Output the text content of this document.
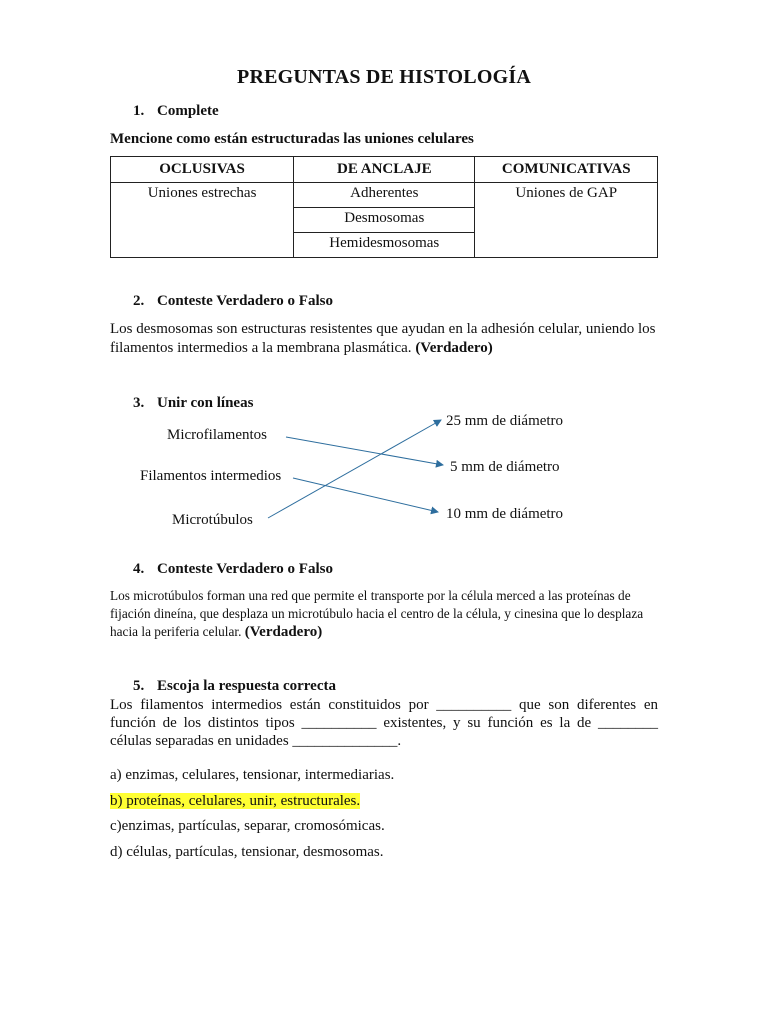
PREGUNTAS DE HISTOLOGÍA
1. Complete
Mencione como están estructuradas las uniones celulares
OCLUSIVAS	DE ANCLAJE	COMUNICATIVAS
Uniones estrechas	Adherentes	Uniones de GAP
	Desmosomas	
	Hemidesmosomas	
2. Conteste Verdadero o Falso
Los desmosomas son estructuras resistentes que ayudan en la adhesión celular, uniendo los filamentos intermedios a la membrana plasmática. (Verdadero)
3. Unir con líneas
Microfilamentos
Filamentos intermedios
Microtúbulos
25 mm de diámetro
5 mm de diámetro
10 mm de diámetro
4. Conteste Verdadero o Falso
Los microtúbulos forman una red que permite el transporte por la célula merced a las proteínas de fijación dineína, que desplaza un microtúbulo hacia el centro de la célula, y cinesina que lo desplaza hacia la periferia celular. (Verdadero)
5. Escoja la respuesta correcta
Los filamentos intermedios están constituidos por __________ que son diferentes en función de los distintos tipos __________ existentes, y su función es la de ________ células separadas en unidades ______________.
a) enzimas, celulares, tensionar, intermediarias.
b) proteínas, celulares, unir, estructurales.
c)enzimas, partículas, separar, cromosómicas.
d) células, partículas, tensionar, desmosomas.
